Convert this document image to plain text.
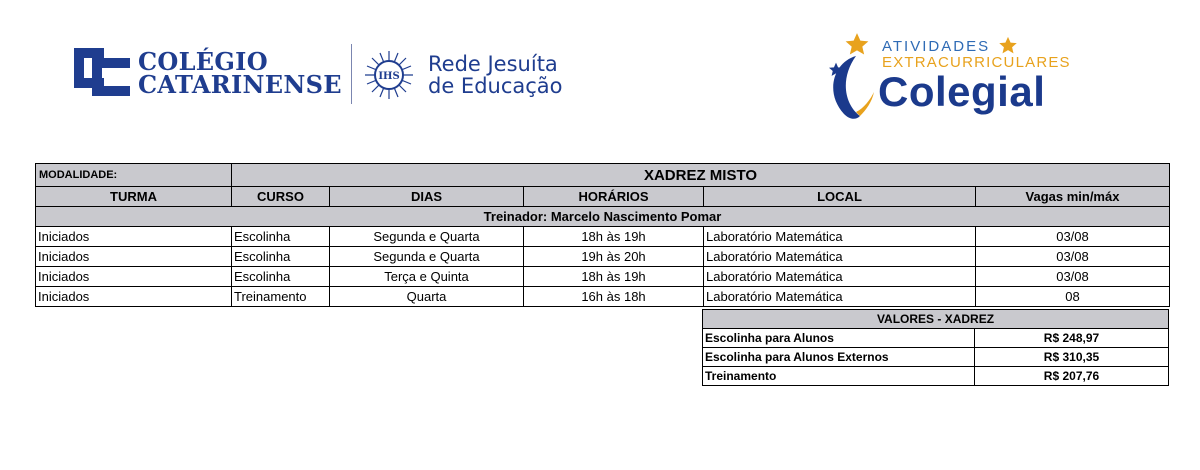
COLÉGIO
CATARINENSE	IHS
Rede Jesuíta
de Educação
ATIVIDADES
EXTRACURRICULARES
Colegial
MODALIDADE:	XADREZ MISTO				
TURMA	CURSO	DIAS	HORÁRIOS	LOCAL	Vagas min/máx
Treinador: Marcelo Nascimento Pomar					
Iniciados	Escolinha	Segunda e Quarta	18h às 19h	Laboratório Matemática	03/08
Iniciados	Escolinha	Segunda e Quarta	19h às 20h	Laboratório Matemática	03/08
Iniciados	Escolinha	Terça e Quinta	18h às 19h	Laboratório Matemática	03/08
Iniciados	Treinamento	Quarta	16h às 18h	Laboratório Matemática	08
VALORES - XADREZ	
Escolinha para Alunos	R$ 248,97
Escolinha para Alunos Externos	R$ 310,35
Treinamento	R$ 207,76
